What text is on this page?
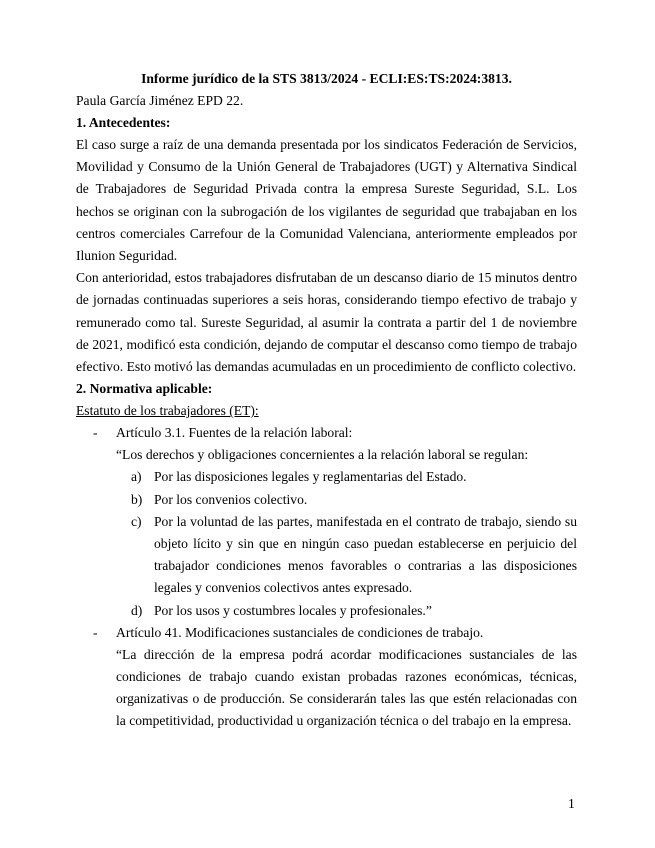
Informe jurídico de la STS 3813/2024 - ECLI:ES:TS:2024:3813.

Paula García Jiménez EPD 22.

1. Antecedentes:

El caso surge a raíz de una demanda presentada por los sindicatos Federación de Servicios, Movilidad y Consumo de la Unión General de Trabajadores (UGT) y Alternativa Sindical de Trabajadores de Seguridad Privada contra la empresa Sureste Seguridad, S.L. Los hechos se originan con la subrogación de los vigilantes de seguridad que trabajaban en los centros comerciales Carrefour de la Comunidad Valenciana, anteriormente empleados por Ilunion Seguridad.

Con anterioridad, estos trabajadores disfrutaban de un descanso diario de 15 minutos dentro de jornadas continuadas superiores a seis horas, considerando tiempo efectivo de trabajo y remunerado como tal. Sureste Seguridad, al asumir la contrata a partir del 1 de noviembre de 2021, modificó esta condición, dejando de computar el descanso como tiempo de trabajo efectivo. Esto motivó las demandas acumuladas en un procedimiento de conflicto colectivo.

2. Normativa aplicable:

Estatuto de los trabajadores (ET):

- Artículo 3.1. Fuentes de la relación laboral:

“Los derechos y obligaciones concernientes a la relación laboral se regulan:

a) Por las disposiciones legales y reglamentarias del Estado.

b) Por los convenios colectivo.

c) Por la voluntad de las partes, manifestada en el contrato de trabajo, siendo su objeto lícito y sin que en ningún caso puedan establecerse en perjuicio del trabajador condiciones menos favorables o contrarias a las disposiciones legales y convenios colectivos antes expresado.

d) Por los usos y costumbres locales y profesionales.”

- Artículo 41. Modificaciones sustanciales de condiciones de trabajo.

“La dirección de la empresa podrá acordar modificaciones sustanciales de las condiciones de trabajo cuando existan probadas razones económicas, técnicas, organizativas o de producción. Se considerarán tales las que estén relacionadas con la competitividad, productividad u organización técnica o del trabajo en la empresa.

1
